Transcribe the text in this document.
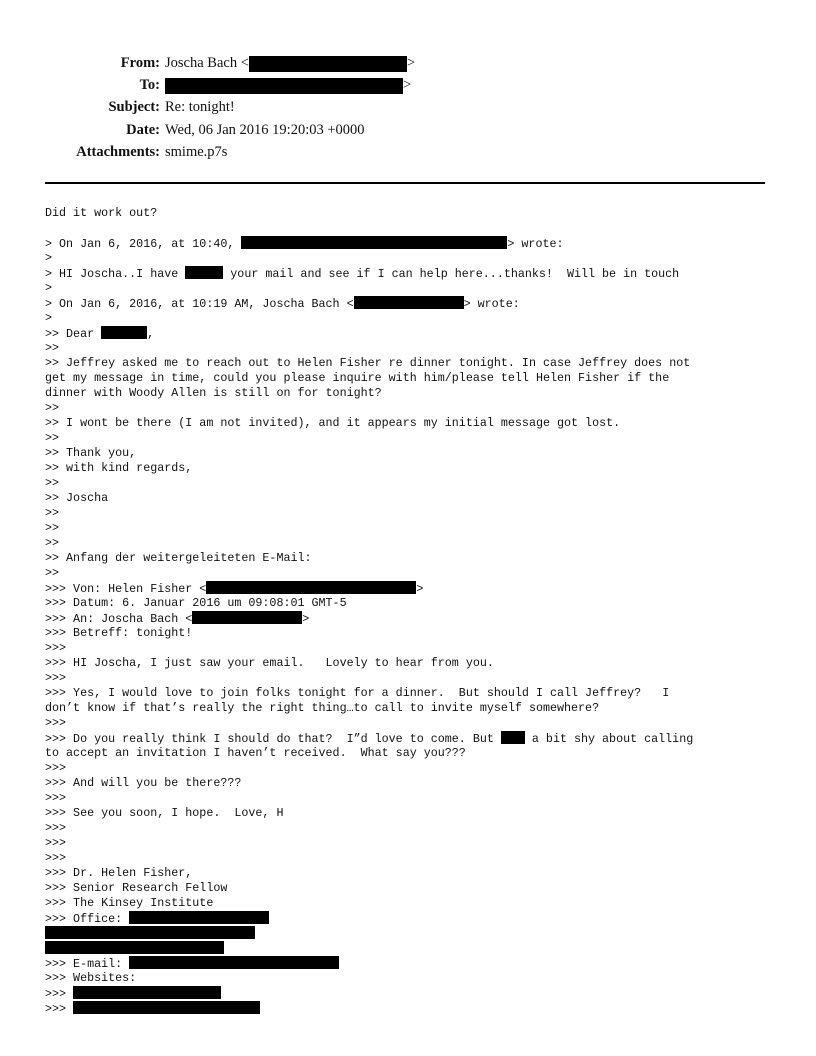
From: Joscha Bach <	>
To:	>
Subject: Re: tonight!
Date: Wed, 06 Jan 2016 19:20:03 +0000
Attachments: smime.p7s
Did it work out?
> On Jan 6, 2016, at 10:40,	> wrote:
>
> HI Joscha..I have	your mail and see if I can help here...thanks!  Will be in touch
>
> On Jan 6, 2016, at 10:19 AM, Joscha Bach <	> wrote:
>
>> Dear	,
>>
>> Jeffrey asked me to reach out to Helen Fisher re dinner tonight. In case Jeffrey does not
get my message in time, could you please inquire with him/please tell Helen Fisher if the
dinner with Woody Allen is still on for tonight?
>>
>> I wont be there (I am not invited), and it appears my initial message got lost.
>>
>> Thank you,
>> with kind regards,
>>
>> Joscha
>>
>>
>>
>> Anfang der weitergeleiteten E-Mail:
>>
>>> Von: Helen Fisher <	>
>>> Datum: 6. Januar 2016 um 09:08:01 GMT-5
>>> An: Joscha Bach <	>
>>> Betreff: tonight!
>>>
>>> HI Joscha, I just saw your email.   Lovely to hear from you.
>>>
>>> Yes, I would love to join folks tonight for a dinner.  But should I call Jeffrey?   I
don’t know if that’s really the right thing…to call to invite myself somewhere?
>>>
>>> Do you really think I should do that?  I”d love to come. But  a bit shy about calling
to accept an invitation I haven’t received.  What say you???
>>>
>>> And will you be there???
>>>
>>> See you soon, I hope.  Love, H
>>>
>>>
>>>
>>> Dr. Helen Fisher,
>>> Senior Research Fellow
>>> The Kinsey Institute
>>> Office:
>>> E-mail:
>>> Websites:
>>>
>>>
